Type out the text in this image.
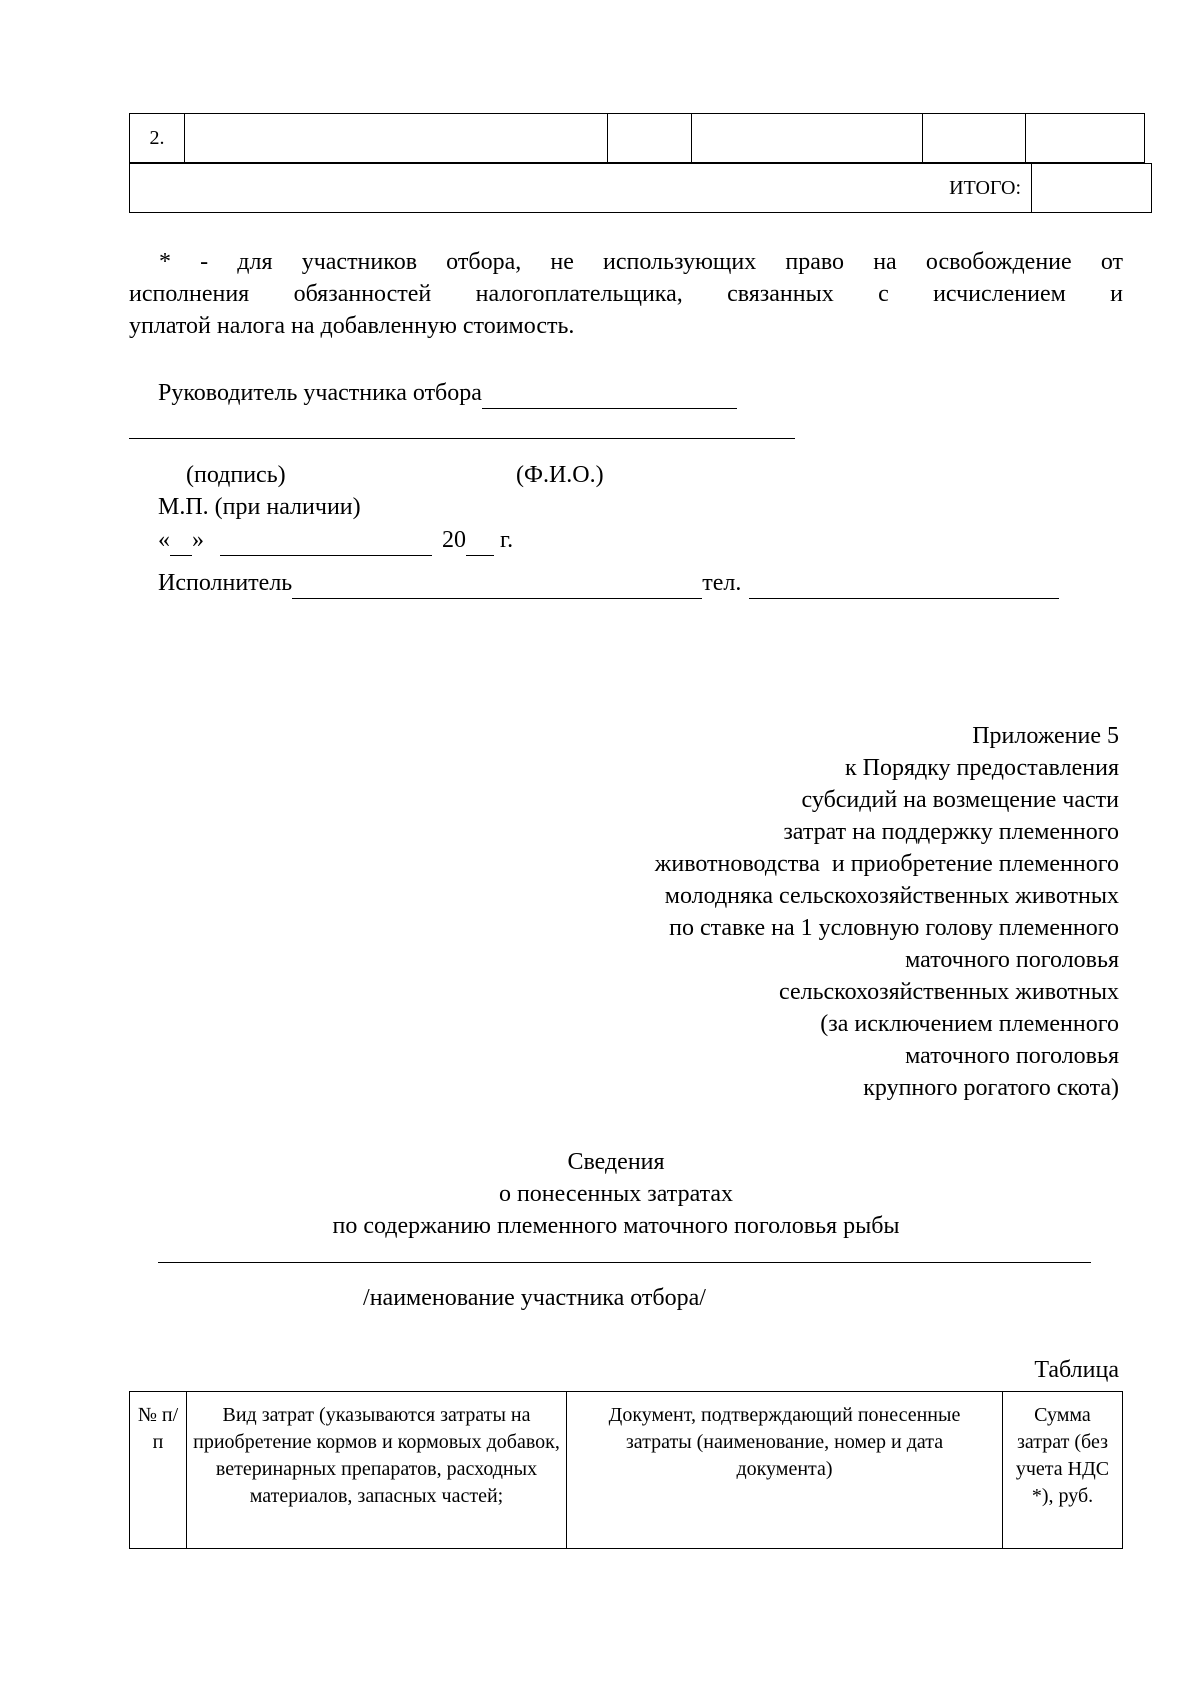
2.					
ИТОГО:	
* - для участников отбора, не использующих право на освобождение от
исполнения обязанностей налогоплательщика, связанных с исчислением и
уплатой налога на добавленную стоимость.
Руководитель участника отбора
(подпись)	(Ф.И.О.)
М.П. (при наличии)
« »	20 г.
Исполнитель	тел.
Приложение 5
к Порядку предоставления
субсидий на возмещение части
затрат на поддержку племенного
животноводства  и приобретение племенного
молодняка сельскохозяйственных животных
по ставке на 1 условную голову племенного
маточного поголовья
сельскохозяйственных животных
(за исключением племенного
маточного поголовья
крупного рогатого скота)
Сведения
о понесенных затратах
по содержанию племенного маточного поголовья рыбы
/наименование участника отбора/
Таблица
№ п/п	Вид затрат (указываются затраты на приобретение кормов и кормовых добавок, ветеринарных препаратов, расходных материалов, запасных частей;	Документ, подтверждающий понесенные затраты (наименование, номер и дата документа)	Сумма затрат (без учета НДС *), руб.
